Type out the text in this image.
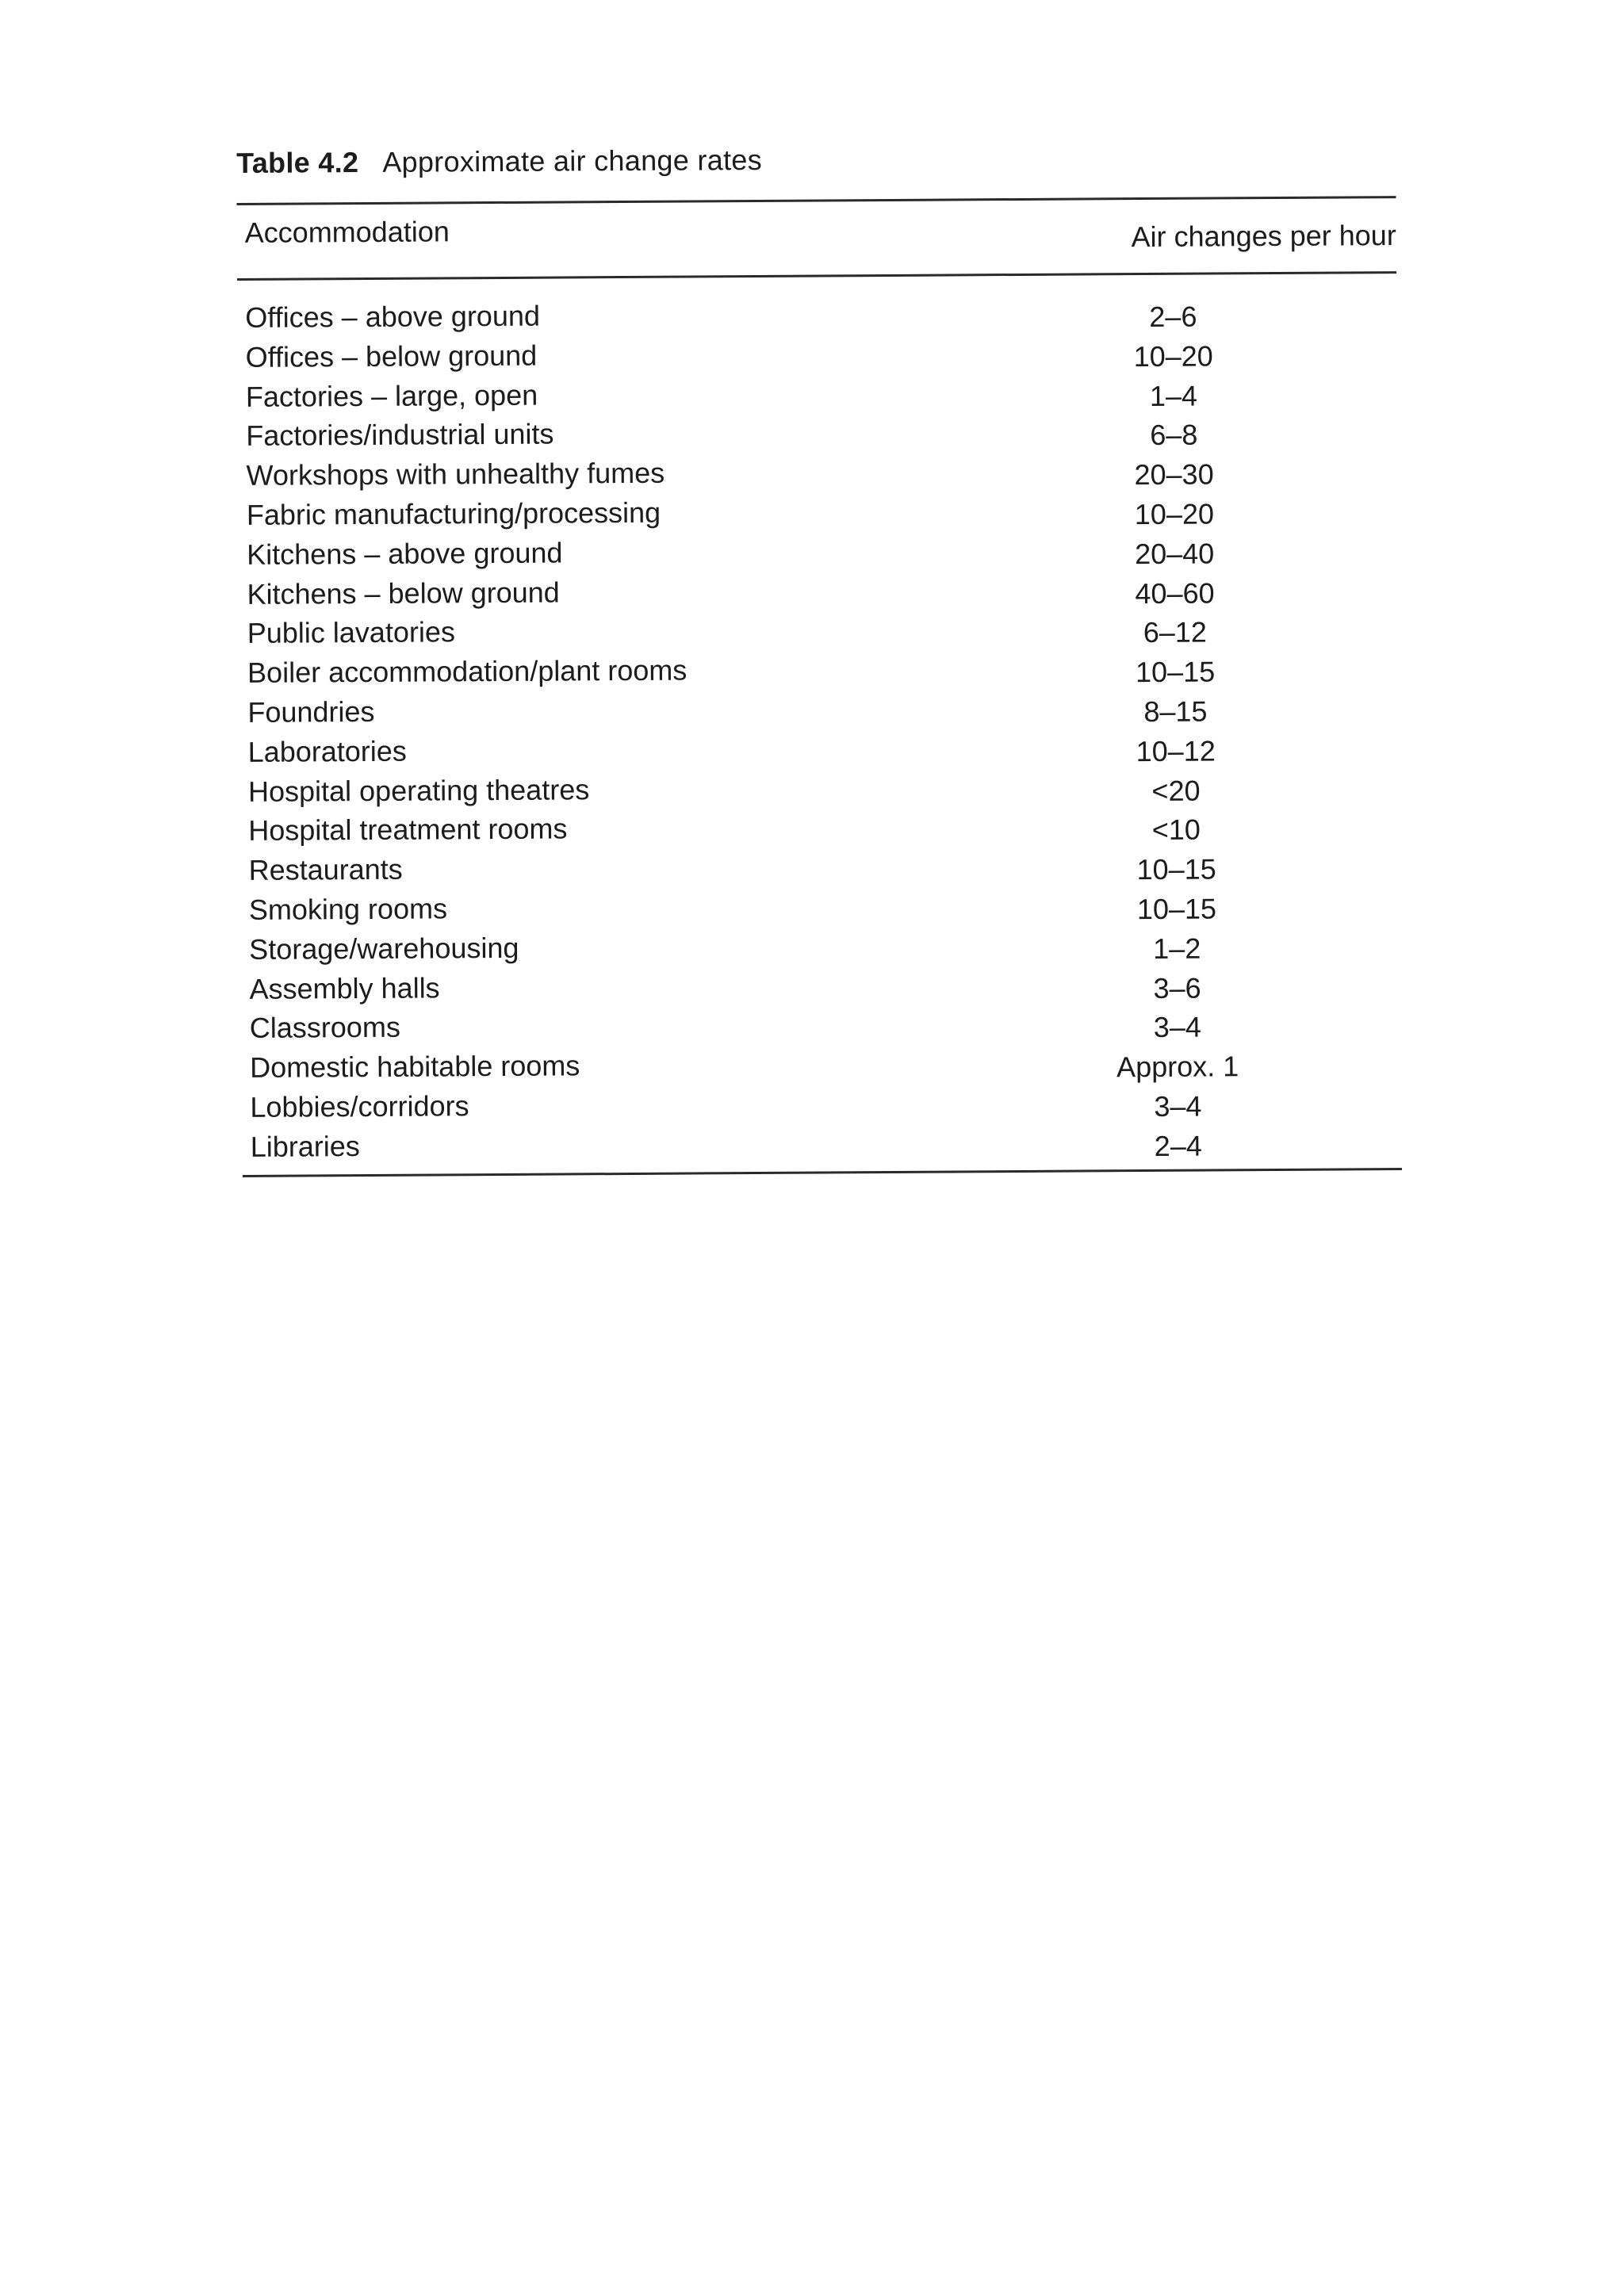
Table 4.2 Approximate air change rates
Accommodation	Air changes per hour
Offices – above ground	2–6
Offices – below ground	10–20
Factories – large, open	1–4
Factories/industrial units	6–8
Workshops with unhealthy fumes	20–30
Fabric manufacturing/processing	10–20
Kitchens – above ground	20–40
Kitchens – below ground	40–60
Public lavatories	6–12
Boiler accommodation/plant rooms	10–15
Foundries	8–15
Laboratories	10–12
Hospital operating theatres	<20
Hospital treatment rooms	<10
Restaurants	10–15
Smoking rooms	10–15
Storage/warehousing	1–2
Assembly halls	3–6
Classrooms	3–4
Domestic habitable rooms	Approx. 1
Lobbies/corridors	3–4
Libraries	2–4
